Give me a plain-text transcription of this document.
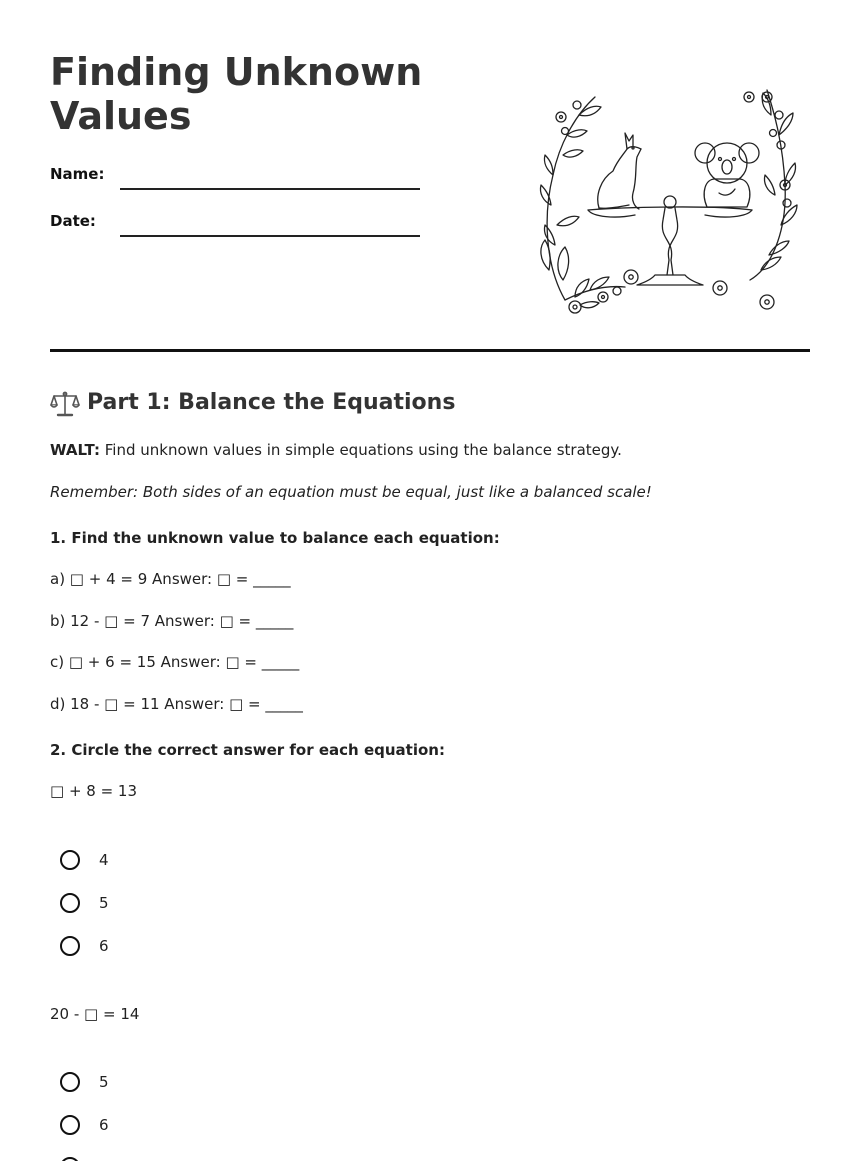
Finding Unknown
Values
Name:
Date:
Part 1: Balance the Equations
WALT: Find unknown values in simple equations using the balance strategy.
Remember: Both sides of an equation must be equal, just like a balanced scale!
1. Find the unknown value to balance each equation:
a) □ + 4 = 9 Answer: □ = _____
b) 12 - □ = 7 Answer: □ = _____
c) □ + 6 = 15 Answer: □ = _____
d) 18 - □ = 11 Answer: □ = _____
2. Circle the correct answer for each equation:
□ + 8 = 13
4
5
6
20 - □ = 14
5
6
